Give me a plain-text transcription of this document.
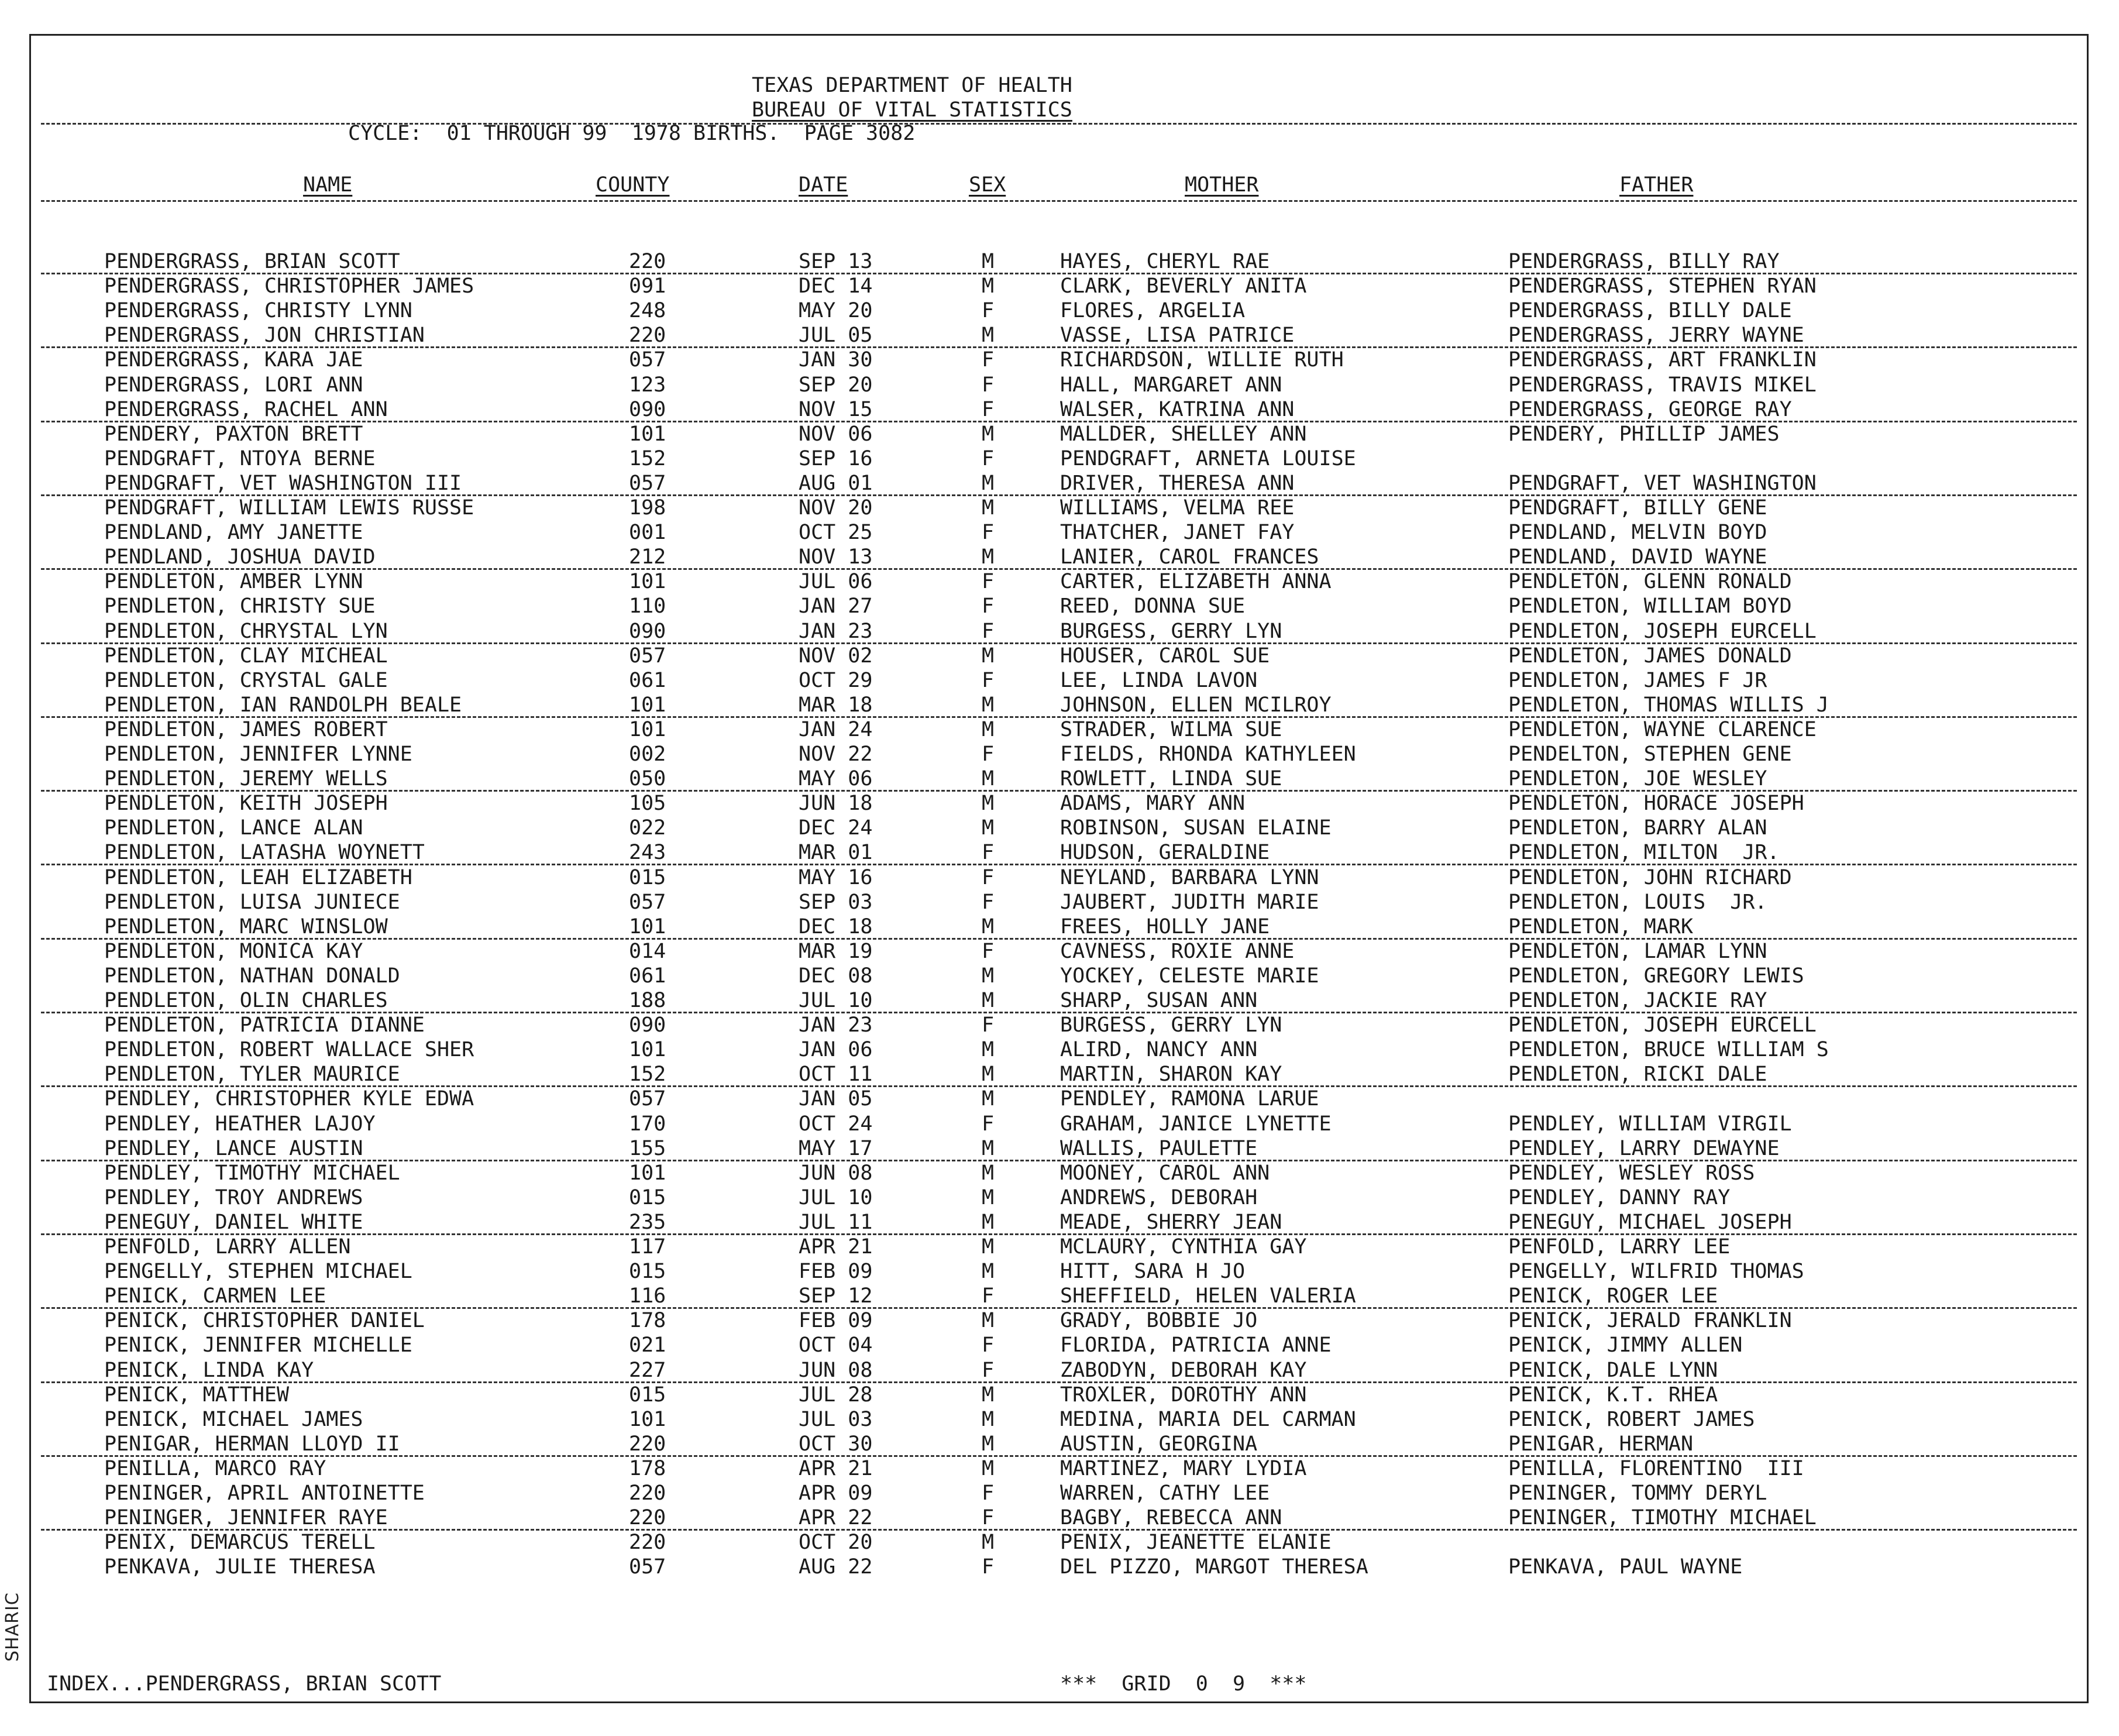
SHARIC
TEXAS DEPARTMENT OF HEALTH
BUREAU OF VITAL STATISTICS
CYCLE:  01 THROUGH 99  1978 BIRTHS.  PAGE 3082
NAME	COUNTY	DATE	SEX	MOTHER	FATHER
PENDERGRASS, BRIAN SCOTT	220	SEP 13	M	HAYES, CHERYL RAE	PENDERGRASS, BILLY RAY
PENDERGRASS, CHRISTOPHER JAMES	091	DEC 14	M	CLARK, BEVERLY ANITA	PENDERGRASS, STEPHEN RYAN
PENDERGRASS, CHRISTY LYNN	248	MAY 20	F	FLORES, ARGELIA	PENDERGRASS, BILLY DALE
PENDERGRASS, JON CHRISTIAN	220	JUL 05	M	VASSE, LISA PATRICE	PENDERGRASS, JERRY WAYNE
PENDERGRASS, KARA JAE	057	JAN 30	F	RICHARDSON, WILLIE RUTH	PENDERGRASS, ART FRANKLIN
PENDERGRASS, LORI ANN	123	SEP 20	F	HALL, MARGARET ANN	PENDERGRASS, TRAVIS MIKEL
PENDERGRASS, RACHEL ANN	090	NOV 15	F	WALSER, KATRINA ANN	PENDERGRASS, GEORGE RAY
PENDERY, PAXTON BRETT	101	NOV 06	M	MALLDER, SHELLEY ANN	PENDERY, PHILLIP JAMES
PENDGRAFT, NTOYA BERNE	152	SEP 16	F	PENDGRAFT, ARNETA LOUISE
PENDGRAFT, VET WASHINGTON III	057	AUG 01	M	DRIVER, THERESA ANN	PENDGRAFT, VET WASHINGTON
PENDGRAFT, WILLIAM LEWIS RUSSE	198	NOV 20	M	WILLIAMS, VELMA REE	PENDGRAFT, BILLY GENE
PENDLAND, AMY JANETTE	001	OCT 25	F	THATCHER, JANET FAY	PENDLAND, MELVIN BOYD
PENDLAND, JOSHUA DAVID	212	NOV 13	M	LANIER, CAROL FRANCES	PENDLAND, DAVID WAYNE
PENDLETON, AMBER LYNN	101	JUL 06	F	CARTER, ELIZABETH ANNA	PENDLETON, GLENN RONALD
PENDLETON, CHRISTY SUE	110	JAN 27	F	REED, DONNA SUE	PENDLETON, WILLIAM BOYD
PENDLETON, CHRYSTAL LYN	090	JAN 23	F	BURGESS, GERRY LYN	PENDLETON, JOSEPH EURCELL
PENDLETON, CLAY MICHEAL	057	NOV 02	M	HOUSER, CAROL SUE	PENDLETON, JAMES DONALD
PENDLETON, CRYSTAL GALE	061	OCT 29	F	LEE, LINDA LAVON	PENDLETON, JAMES F JR
PENDLETON, IAN RANDOLPH BEALE	101	MAR 18	M	JOHNSON, ELLEN MCILROY	PENDLETON, THOMAS WILLIS J
PENDLETON, JAMES ROBERT	101	JAN 24	M	STRADER, WILMA SUE	PENDLETON, WAYNE CLARENCE
PENDLETON, JENNIFER LYNNE	002	NOV 22	F	FIELDS, RHONDA KATHYLEEN	PENDELTON, STEPHEN GENE
PENDLETON, JEREMY WELLS	050	MAY 06	M	ROWLETT, LINDA SUE	PENDLETON, JOE WESLEY
PENDLETON, KEITH JOSEPH	105	JUN 18	M	ADAMS, MARY ANN	PENDLETON, HORACE JOSEPH
PENDLETON, LANCE ALAN	022	DEC 24	M	ROBINSON, SUSAN ELAINE	PENDLETON, BARRY ALAN
PENDLETON, LATASHA WOYNETT	243	MAR 01	F	HUDSON, GERALDINE	PENDLETON, MILTON  JR.
PENDLETON, LEAH ELIZABETH	015	MAY 16	F	NEYLAND, BARBARA LYNN	PENDLETON, JOHN RICHARD
PENDLETON, LUISA JUNIECE	057	SEP 03	F	JAUBERT, JUDITH MARIE	PENDLETON, LOUIS  JR.
PENDLETON, MARC WINSLOW	101	DEC 18	M	FREES, HOLLY JANE	PENDLETON, MARK
PENDLETON, MONICA KAY	014	MAR 19	F	CAVNESS, ROXIE ANNE	PENDLETON, LAMAR LYNN
PENDLETON, NATHAN DONALD	061	DEC 08	M	YOCKEY, CELESTE MARIE	PENDLETON, GREGORY LEWIS
PENDLETON, OLIN CHARLES	188	JUL 10	M	SHARP, SUSAN ANN	PENDLETON, JACKIE RAY
PENDLETON, PATRICIA DIANNE	090	JAN 23	F	BURGESS, GERRY LYN	PENDLETON, JOSEPH EURCELL
PENDLETON, ROBERT WALLACE SHER	101	JAN 06	M	ALIRD, NANCY ANN	PENDLETON, BRUCE WILLIAM S
PENDLETON, TYLER MAURICE	152	OCT 11	M	MARTIN, SHARON KAY	PENDLETON, RICKI DALE
PENDLEY, CHRISTOPHER KYLE EDWA	057	JAN 05	M	PENDLEY, RAMONA LARUE
PENDLEY, HEATHER LAJOY	170	OCT 24	F	GRAHAM, JANICE LYNETTE	PENDLEY, WILLIAM VIRGIL
PENDLEY, LANCE AUSTIN	155	MAY 17	M	WALLIS, PAULETTE	PENDLEY, LARRY DEWAYNE
PENDLEY, TIMOTHY MICHAEL	101	JUN 08	M	MOONEY, CAROL ANN	PENDLEY, WESLEY ROSS
PENDLEY, TROY ANDREWS	015	JUL 10	M	ANDREWS, DEBORAH	PENDLEY, DANNY RAY
PENEGUY, DANIEL WHITE	235	JUL 11	M	MEADE, SHERRY JEAN	PENEGUY, MICHAEL JOSEPH
PENFOLD, LARRY ALLEN	117	APR 21	M	MCLAURY, CYNTHIA GAY	PENFOLD, LARRY LEE
PENGELLY, STEPHEN MICHAEL	015	FEB 09	M	HITT, SARA H JO	PENGELLY, WILFRID THOMAS
PENICK, CARMEN LEE	116	SEP 12	F	SHEFFIELD, HELEN VALERIA	PENICK, ROGER LEE
PENICK, CHRISTOPHER DANIEL	178	FEB 09	M	GRADY, BOBBIE JO	PENICK, JERALD FRANKLIN
PENICK, JENNIFER MICHELLE	021	OCT 04	F	FLORIDA, PATRICIA ANNE	PENICK, JIMMY ALLEN
PENICK, LINDA KAY	227	JUN 08	F	ZABODYN, DEBORAH KAY	PENICK, DALE LYNN
PENICK, MATTHEW	015	JUL 28	M	TROXLER, DOROTHY ANN	PENICK, K.T. RHEA
PENICK, MICHAEL JAMES	101	JUL 03	M	MEDINA, MARIA DEL CARMAN	PENICK, ROBERT JAMES
PENIGAR, HERMAN LLOYD II	220	OCT 30	M	AUSTIN, GEORGINA	PENIGAR, HERMAN
PENILLA, MARCO RAY	178	APR 21	M	MARTINEZ, MARY LYDIA	PENILLA, FLORENTINO  III
PENINGER, APRIL ANTOINETTE	220	APR 09	F	WARREN, CATHY LEE	PENINGER, TOMMY DERYL
PENINGER, JENNIFER RAYE	220	APR 22	F	BAGBY, REBECCA ANN	PENINGER, TIMOTHY MICHAEL
PENIX, DEMARCUS TERELL	220	OCT 20	M	PENIX, JEANETTE ELANIE
PENKAVA, JULIE THERESA	057	AUG 22	F	DEL PIZZO, MARGOT THERESA	PENKAVA, PAUL WAYNE
INDEX...PENDERGRASS, BRIAN SCOTT	***  GRID  0  9  ***
